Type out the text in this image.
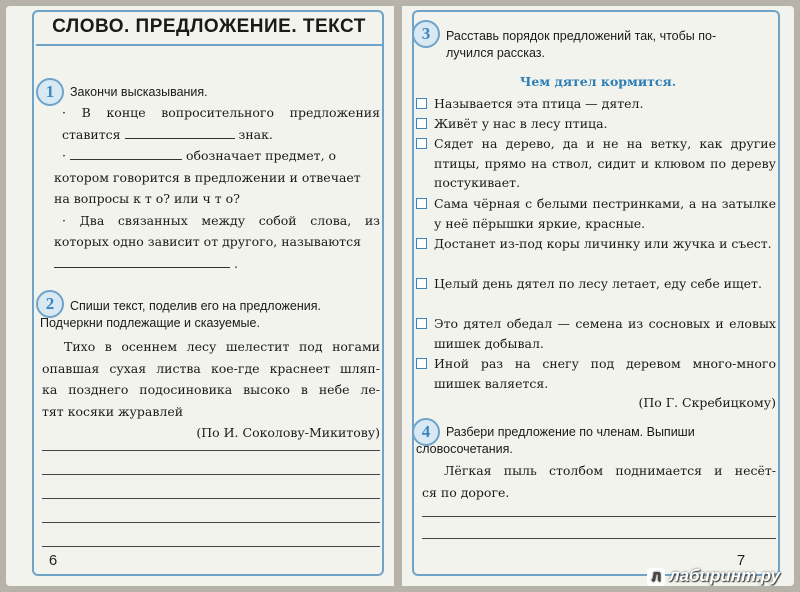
СЛОВО. ПРЕДЛОЖЕНИЕ. ТЕКСТ
1	Закончи высказывания.
· В конце вопросительного предложения
ставится	знак.
·	обозначает предмет, о
котором говорится в предложении и отвечает
на вопросы к т о? или ч т о?
· Два связанных между собой слова, из
которых одно зависит от другого, называются
.
2	Спиши текст, поделив его на предложения.
Подчеркни подлежащие и сказуемые.
Тихо в осеннем лесу шелестит под ногами
опавшая сухая листва кое-где краснеет шляп-
ка позднего подосиновика высоко в небе ле-
тят косяки журавлей
(По И. Соколову-Микитову)
6
3	Расставь порядок предложений так, чтобы по-
лучился рассказ.
Чем дятел кормится.
Называется эта птица — дятел.
Живёт у нас в лесу птица.
Сядет на дерево, да и не на ветку, как другие птицы, прямо на ствол, сидит и клювом по дереву постукивает.
Сама чёрная с белыми пестринками, а на затылке у неё пёрышки яркие, красные.
Достанет из-под коры личинку или жучка и съест.
Целый день дятел по лесу летает, еду себе ищет.
Это дятел обедал — семена из сосновых и еловых шишек добывал.
Иной раз на снегу под деревом много-много шишек валяется.
(По Г. Скребицкому)
4	Разбери предложение по членам. Выпиши
словосочетания.
Лёгкая пыль столбом поднимается и несёт-
ся по дороге.
7
Л лабиринт.ру
